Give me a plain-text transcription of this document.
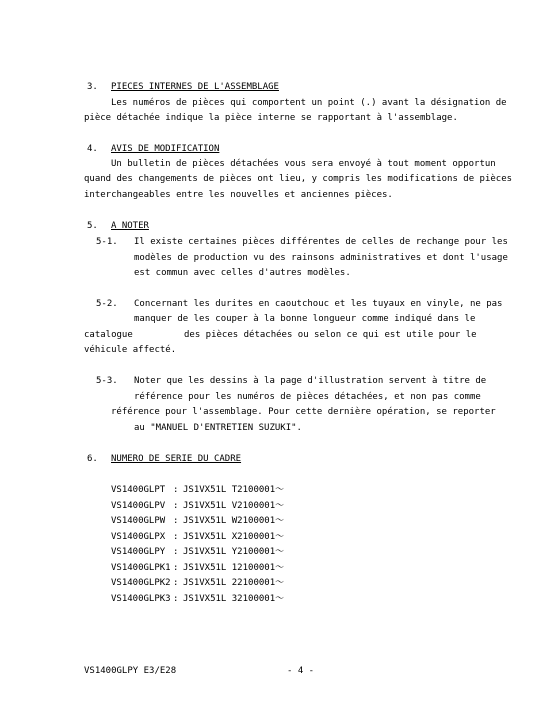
3. PIECES INTERNES DE L'ASSEMBLAGE
Les numéros de pièces qui comportent un point (.) avant la désignation de
pièce détachée indique la pièce interne se rapportant à l'assemblage.
4. AVIS DE MODIFICATION
Un bulletin de pièces détachées vous sera envoyé à tout moment opportun
quand des changements de pièces ont lieu, y compris les modifications de pièces
interchangeables entre les nouvelles et anciennes pièces.
5. A NOTER
5-1. Il existe certaines pièces différentes de celles de rechange pour les
modèles de production vu des rainsons administratives et dont l'usage
est commun avec celles d'autres modèles.
5-2. Concernant les durites en caoutchouc et les tuyaux en vinyle, ne pas
manquer de les couper à la bonne longueur comme indiqué dans le
catalogue	des pièces détachées ou selon ce qui est utile pour le
véhicule affecté.
5-3. Noter que les dessins à la page d'illustration servent à titre de
référence pour les numéros de pièces détachées, et non pas comme
référence pour l'assemblage. Pour cette dernière opération, se reporter
au "MANUEL D'ENTRETIEN SUZUKI".
6. NUMERO DE SERIE DU CADRE
VS1400GLPT : JS1VX51L T2100001～
VS1400GLPV : JS1VX51L V2100001～
VS1400GLPW : JS1VX51L W2100001～
VS1400GLPX : JS1VX51L X2100001～
VS1400GLPY : JS1VX51L Y2100001～
VS1400GLPK1 : JS1VX51L 12100001～
VS1400GLPK2 : JS1VX51L 22100001～
VS1400GLPK3 : JS1VX51L 32100001～
VS1400GLPY E3/E28	- 4 -
